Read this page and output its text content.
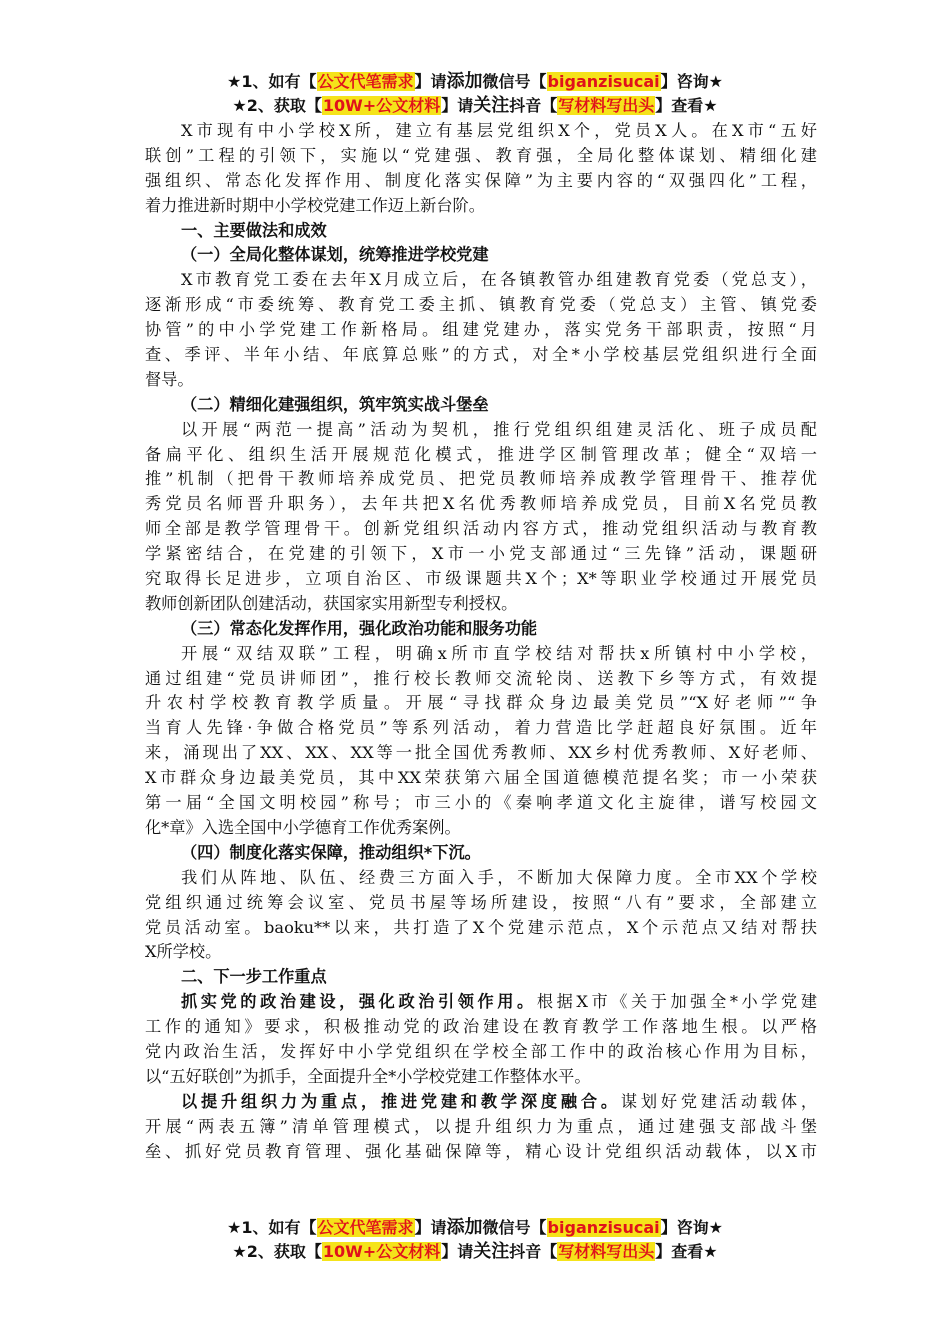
★1、如有【公文代笔需求】请添加微信号【biganzisucai】咨询★
★2、获取【10W+公文材料】请关注抖音【写材料写出头】查看★
X市现有中小学校X所，建立有基层党组织X个，党员X人。在X市“五好
联创”工程的引领下，实施以“党建强、教育强，全局化整体谋划、精细化建
强组织、常态化发挥作用、制度化落实保障”为主要内容的“双强四化”工程，
着力推进新时期中小学校党建工作迈上新台阶。
一、主要做法和成效
（一）全局化整体谋划，统筹推进学校党建
X市教育党工委在去年X月成立后，在各镇教管办组建教育党委（党总支），
逐渐形成“市委统筹、教育党工委主抓、镇教育党委（党总支）主管、镇党委
协管”的中小学党建工作新格局。组建党建办，落实党务干部职责，按照“月
查、季评、半年小结、年底算总账”的方式，对全*小学校基层党组织进行全面
督导。
（二）精细化建强组织，筑牢筑实战斗堡垒
以开展“两范一提高”活动为契机，推行党组织组建灵活化、班子成员配
备扁平化、组织生活开展规范化模式，推进学区制管理改革；健全“双培一
推”机制（把骨干教师培养成党员、把党员教师培养成教学管理骨干、推荐优
秀党员名师晋升职务），去年共把X名优秀教师培养成党员，目前X名党员教
师全部是教学管理骨干。创新党组织活动内容方式，推动党组织活动与教育教
学紧密结合，在党建的引领下，X市一小党支部通过“三先锋”活动，课题研
究取得长足进步，立项自治区、市级课题共X个；X*等职业学校通过开展党员
教师创新团队创建活动，获国家实用新型专利授权。
（三）常态化发挥作用，强化政治功能和服务功能
开展“双结双联”工程，明确x所市直学校结对帮扶x所镇村中小学校，
通过组建“党员讲师团”，推行校长教师交流轮岗、送教下乡等方式，有效提
升农村学校教育教学质量。开展“寻找群众身边最美党员”“X好老师”“争
当育人先锋·争做合格党员”等系列活动，着力营造比学赶超良好氛围。近年
来，涌现出了XX、XX、XX等一批全国优秀教师、XX乡村优秀教师、X好老师、
X市群众身边最美党员，其中XX荣获第六届全国道德模范提名奖；市一小荣获
第一届“全国文明校园”称号；市三小的《秦响孝道文化主旋律，谱写校园文
化*章》入选全国中小学德育工作优秀案例。
（四）制度化落实保障，推动组织*下沉。
我们从阵地、队伍、经费三方面入手，不断加大保障力度。全市XX个学校
党组织通过统筹会议室、党员书屋等场所建设，按照“八有”要求，全部建立
党员活动室。baoku**以来，共打造了X个党建示范点，X个示范点又结对帮扶
X所学校。
二、下一步工作重点
抓实党的政治建设，强化政治引领作用。根据X市《关于加强全*小学党建
工作的通知》要求，积极推动党的政治建设在教育教学工作落地生根。以严格
党内政治生活，发挥好中小学党组织在学校全部工作中的政治核心作用为目标，
以“五好联创”为抓手，全面提升全*小学校党建工作整体水平。
以提升组织力为重点，推进党建和教学深度融合。谋划好党建活动载体，
开展“两表五簿”清单管理模式，以提升组织力为重点，通过建强支部战斗堡
垒、抓好党员教育管理、强化基础保障等，精心设计党组织活动载体，以X市
★1、如有【公文代笔需求】请添加微信号【biganzisucai】咨询★
★2、获取【10W+公文材料】请关注抖音【写材料写出头】查看★
